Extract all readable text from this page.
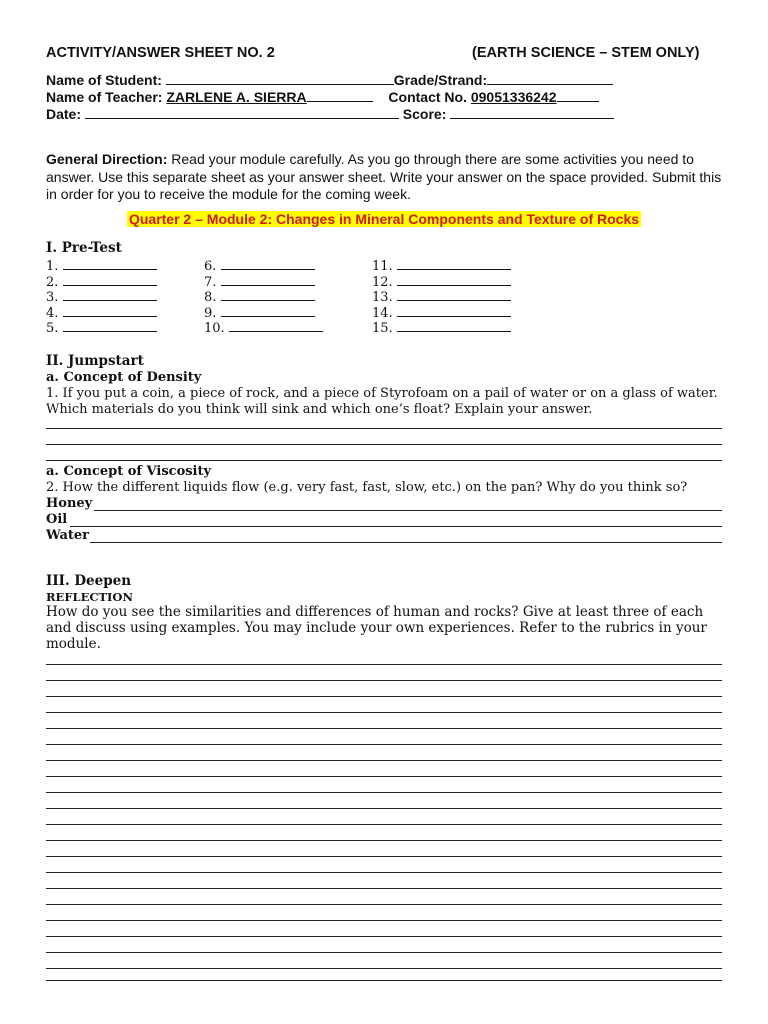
ACTIVITY/ANSWER SHEET NO. 2	(EARTH SCIENCE – STEM ONLY)
Name of Student:	Grade/Strand:
Name of Teacher: ZARLENE A. SIERRA	Contact No. 09051336242
Date:	Score:
General Direction: Read your module carefully. As you go through there are some activities you need to answer. Use this separate sheet as your answer sheet. Write your answer on the space provided. Submit this in order for you to receive the module for the coming week.
Quarter 2 – Module 2: Changes in Mineral Components and Texture of Rocks
I. Pre-Test
1.
2.
3.
4.
5.
6.
7.
8.
9.
10.
11.
12.
13.
14.
15.
II. Jumpstart
a. Concept of Density
1. If you put a coin, a piece of rock, and a piece of Styrofoam on a pail of water or on a glass of water. Which materials do you think will sink and which one’s float? Explain your answer.
a. Concept of Viscosity
2. How the different liquids flow (e.g. very fast, fast, slow, etc.) on the pan? Why do you think so?
Honey
Oil
Water
III. Deepen
REFLECTION
How do you see the similarities and differences of human and rocks? Give at least three of each and discuss using examples. You may include your own experiences. Refer to the rubrics in your module.
